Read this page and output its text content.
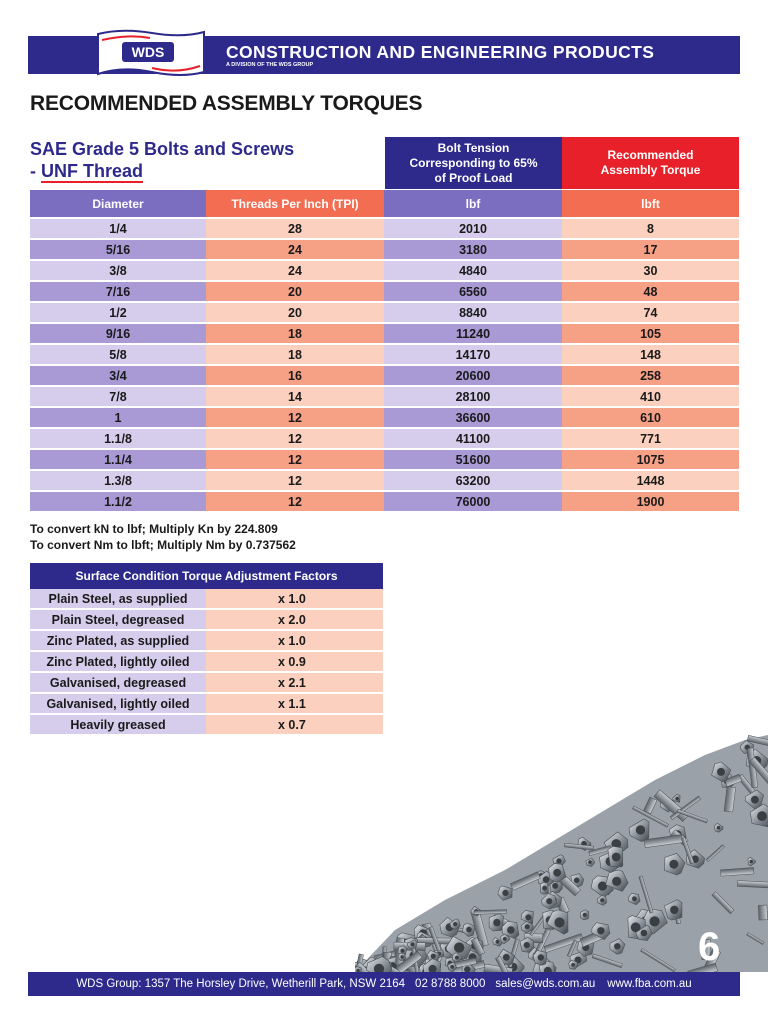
WDS	CONSTRUCTION AND ENGINEERING PRODUCTS
A DIVISION OF THE WDS GROUP
RECOMMENDED ASSEMBLY TORQUES
SAE Grade 5 Bolts and Screws
- UNF Thread
Bolt Tension Corresponding to 65% of Proof Load
Recommended Assembly Torque
Diameter	Threads Per Inch (TPI)	lbf	lbft
1/4	28	2010	8
5/16	24	3180	17
3/8	24	4840	30
7/16	20	6560	48
1/2	20	8840	74
9/16	18	11240	105
5/8	18	14170	148
3/4	16	20600	258
7/8	14	28100	410
1	12	36600	610
1.1/8	12	41100	771
1.1/4	12	51600	1075
1.3/8	12	63200	1448
1.1/2	12	76000	1900
To convert kN to lbf; Multiply Kn by 224.809
To convert Nm to lbft; Multiply Nm by 0.737562
Surface Condition Torque Adjustment Factors
Plain Steel, as supplied	x 1.0
Plain Steel, degreased	x 2.0
Zinc Plated, as supplied	x 1.0
Zinc Plated, lightly oiled	x 0.9
Galvanised, degreased	x 2.1
Galvanised, lightly oiled	x 1.1
Heavily greased	x 0.7
6
WDS Group: 1357 The Horsley Drive, Wetherill Park, NSW 2164 02 8788 8000 sales@wds.com.au www.fba.com.au
